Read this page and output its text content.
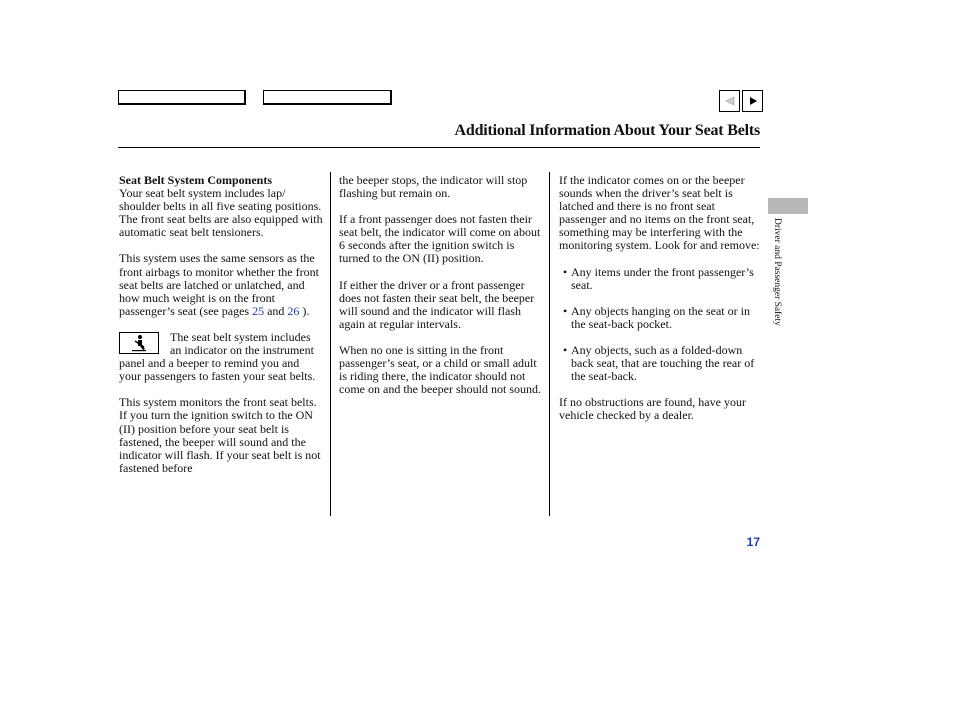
Additional Information About Your Seat Belts
Seat Belt System Components

Your seat belt system includes lap/ shoulder belts in all five seating positions. The front seat belts are also equipped with automatic seat belt tensioners.

This system uses the same sensors as the front airbags to monitor whether the front seat belts are latched or unlatched, and how much weight is on the front passenger’s seat (see pages 25 and 26 ).

The seat belt system includes an indicator on the instrument panel and a beeper to remind you and your passengers to fasten your seat belts.

This system monitors the front seat belts. If you turn the ignition switch to the ON (II) position before your seat belt is fastened, the beeper will sound and the indicator will flash. If your seat belt is not fastened before

the beeper stops, the indicator will stop flashing but remain on.

If a front passenger does not fasten their seat belt, the indicator will come on about 6 seconds after the ignition switch is turned to the ON (II) position.

If either the driver or a front passenger does not fasten their seat belt, the beeper will sound and the indicator will flash again at regular intervals.

When no one is sitting in the front passenger’s seat, or a child or small adult is riding there, the indicator should not come on and the beeper should not sound.

If the indicator comes on or the beeper sounds when the driver’s seat belt is latched and there is no front seat passenger and no items on the front seat, something may be interfering with the monitoring system. Look for and remove:

• Any items under the front passenger’s seat.
• Any objects hanging on the seat or in the seat-back pocket.
• Any objects, such as a folded-down back seat, that are touching the rear of the seat-back.

If no obstructions are found, have your vehicle checked by a dealer.

Driver and Passenger Safety
17
